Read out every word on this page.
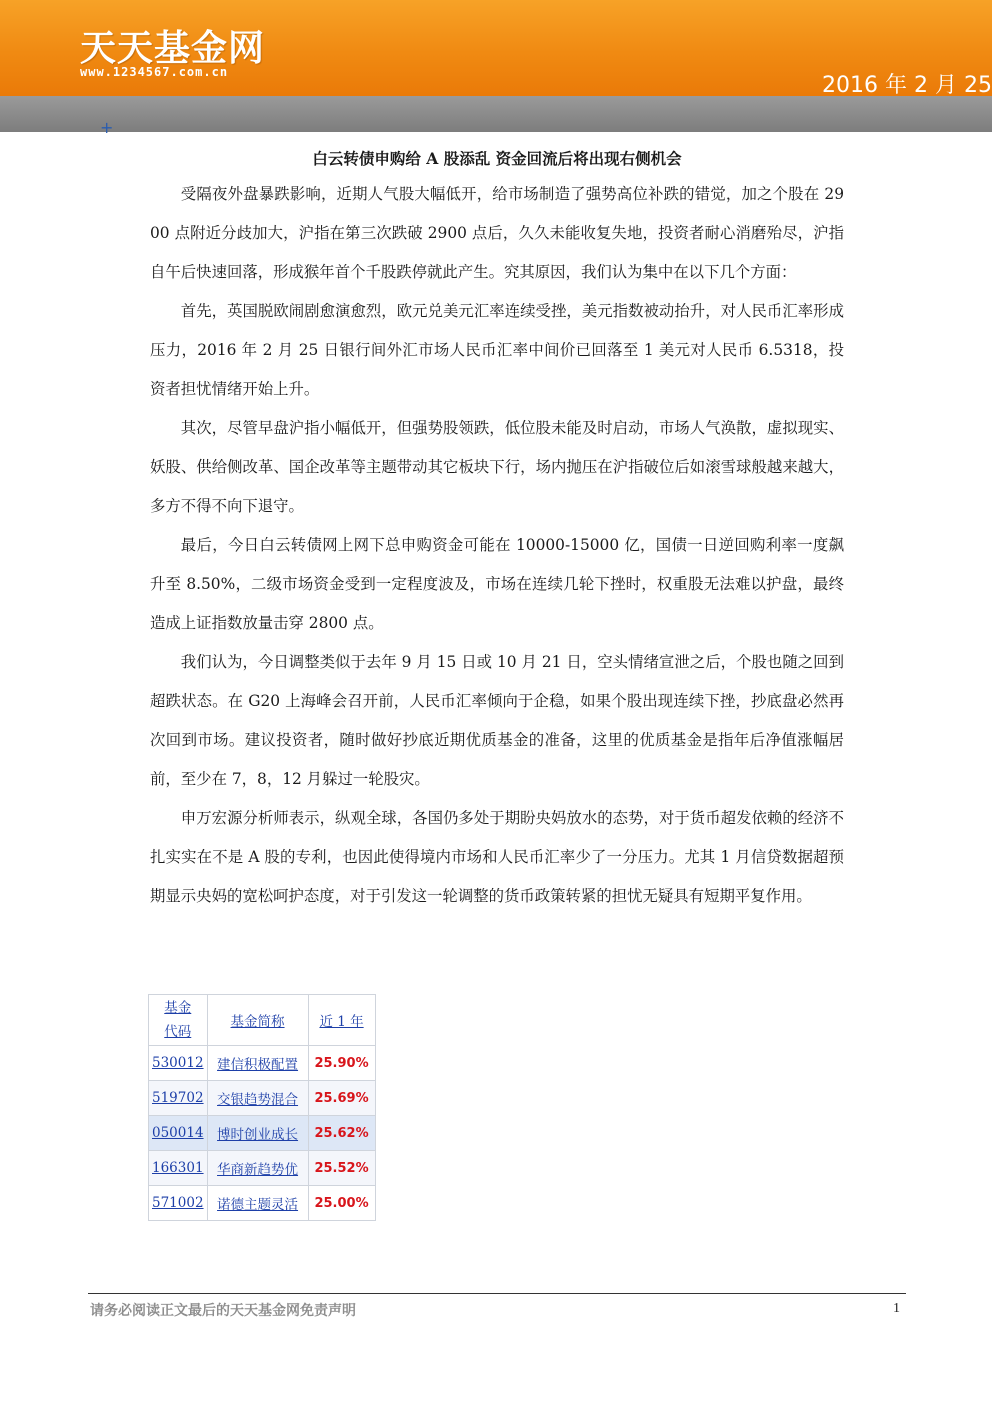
天天基金网
www.1234567.com.cn
2016 年 2 月 25
+
白云转债申购给 A 股添乱 资金回流后将出现右侧机会

受隔夜外盘暴跌影响，近期人气股大幅低开，给市场制造了强势高位补跌的错觉，加之个股在 2900 点附近分歧加大，沪指在第三次跌破 2900 点后，久久未能收复失地，投资者耐心消磨殆尽，沪指自午后快速回落，形成猴年首个千股跌停就此产生。究其原因，我们认为集中在以下几个方面：

首先，英国脱欧闹剧愈演愈烈，欧元兑美元汇率连续受挫，美元指数被动抬升，对人民币汇率形成压力，2016 年 2 月 25 日银行间外汇市场人民币汇率中间价已回落至 1 美元对人民币 6.5318，投资者担忧情绪开始上升。

其次，尽管早盘沪指小幅低开，但强势股领跌，低位股未能及时启动，市场人气涣散，虚拟现实、妖股、供给侧改革、国企改革等主题带动其它板块下行，场内抛压在沪指破位后如滚雪球般越来越大，多方不得不向下退守。

最后，今日白云转债网上网下总申购资金可能在 10000-15000 亿，国债一日逆回购利率一度飙升至 8.50%，二级市场资金受到一定程度波及，市场在连续几轮下挫时，权重股无法难以护盘，最终造成上证指数放量击穿 2800 点。

我们认为，今日调整类似于去年 9 月 15 日或 10 月 21 日，空头情绪宣泄之后，个股也随之回到超跌状态。在 G20 上海峰会召开前，人民币汇率倾向于企稳，如果个股出现连续下挫，抄底盘必然再次回到市场。建议投资者，随时做好抄底近期优质基金的准备，这里的优质基金是指年后净值涨幅居前，至少在 7，8，12 月躲过一轮股灾。

申万宏源分析师表示，纵观全球，各国仍多处于期盼央妈放水的态势，对于货币超发依赖的经济不扎实实在不是 A 股的专利，也因此使得境内市场和人民币汇率少了一分压力。尤其 1 月信贷数据超预期显示央妈的宽松呵护态度，对于引发这一轮调整的货币政策转紧的担忧无疑具有短期平复作用。

基金
代码	基金简称	近 1 年
530012	建信积极配置	25.90%
519702	交银趋势混合	25.69%
050014	博时创业成长	25.62%
166301	华商新趋势优	25.52%
571002	诺德主题灵活	25.00%
请务必阅读正文最后的天天基金网免责声明	1
